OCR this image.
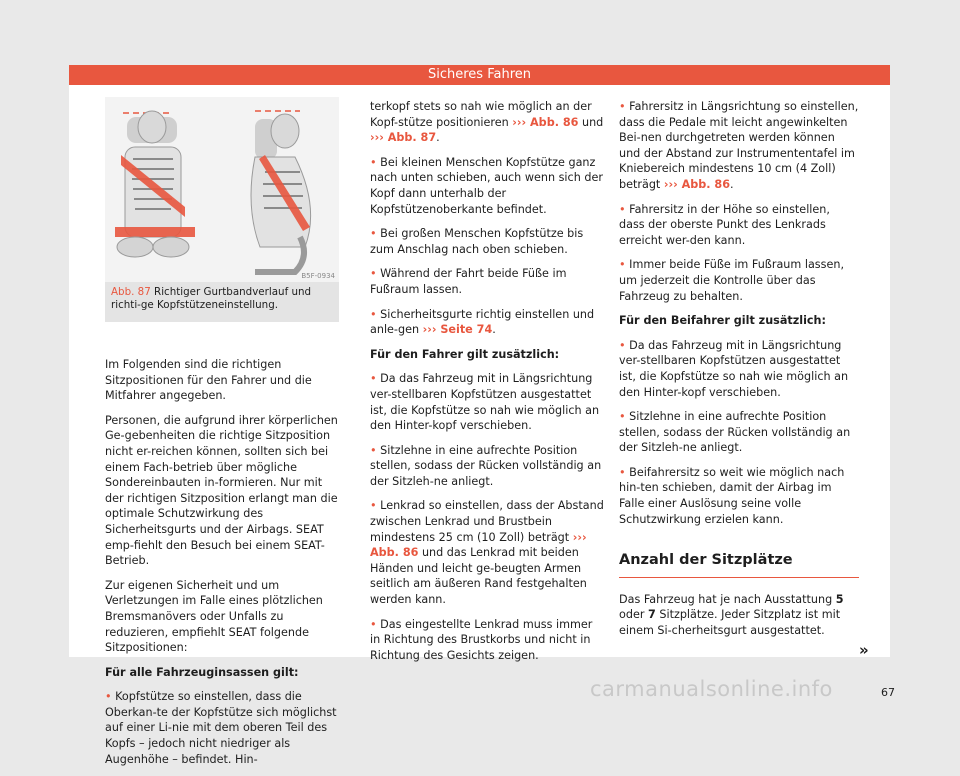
Sicheres Fahren
B5F-0934
Abb. 87 Richtiger Gurtbandverlauf und richti-ge Kopfstützeneinstellung.

Im Folgenden sind die richtigen Sitzpositionen für den Fahrer und die Mitfahrer angegeben.

Personen, die aufgrund ihrer körperlichen Ge-gebenheiten die richtige Sitzposition nicht er-reichen können, sollten sich bei einem Fach-betrieb über mögliche Sondereinbauten in-formieren. Nur mit der richtigen Sitzposition erlangt man die optimale Schutzwirkung des Sicherheitsgurts und der Airbags. SEAT emp-fiehlt den Besuch bei einem SEAT-Betrieb.

Zur eigenen Sicherheit und um Verletzungen im Falle eines plötzlichen Bremsmanövers oder Unfalls zu reduzieren, empfiehlt SEAT folgende Sitzpositionen:

Für alle Fahrzeuginsassen gilt:

• Kopfstütze so einstellen, dass die Oberkan-te der Kopfstütze sich möglichst auf einer Li-nie mit dem oberen Teil des Kopfs – jedoch nicht niedriger als Augenhöhe – befindet. Hin-

terkopf stets so nah wie möglich an der Kopf-stütze positionieren ››› Abb. 86 und ››› Abb. 87.

• Bei kleinen Menschen Kopfstütze ganz nach unten schieben, auch wenn sich der Kopf dann unterhalb der Kopfstützenoberkante befindet.

• Bei großen Menschen Kopfstütze bis zum Anschlag nach oben schieben.

• Während der Fahrt beide Füße im Fußraum lassen.

• Sicherheitsgurte richtig einstellen und anle-gen ››› Seite 74.

Für den Fahrer gilt zusätzlich:

• Da das Fahrzeug mit in Längsrichtung ver-stellbaren Kopfstützen ausgestattet ist, die Kopfstütze so nah wie möglich an den Hinter-kopf verschieben.

• Sitzlehne in eine aufrechte Position stellen, sodass der Rücken vollständig an der Sitzleh-ne anliegt.

• Lenkrad so einstellen, dass der Abstand zwischen Lenkrad und Brustbein mindestens 25 cm (10 Zoll) beträgt ››› Abb. 86 und das Lenkrad mit beiden Händen und leicht ge-beugten Armen seitlich am äußeren Rand festgehalten werden kann.

• Das eingestellte Lenkrad muss immer in Richtung des Brustkorbs und nicht in Richtung des Gesichts zeigen.

• Fahrersitz in Längsrichtung so einstellen, dass die Pedale mit leicht angewinkelten Bei-nen durchgetreten werden können und der Abstand zur Instrumententafel im Kniebereich mindestens 10 cm (4 Zoll) beträgt ››› Abb. 86.

• Fahrersitz in der Höhe so einstellen, dass der oberste Punkt des Lenkrads erreicht wer-den kann.

• Immer beide Füße im Fußraum lassen, um jederzeit die Kontrolle über das Fahrzeug zu behalten.

Für den Beifahrer gilt zusätzlich:

• Da das Fahrzeug mit in Längsrichtung ver-stellbaren Kopfstützen ausgestattet ist, die Kopfstütze so nah wie möglich an den Hinter-kopf verschieben.

• Sitzlehne in eine aufrechte Position stellen, sodass der Rücken vollständig an der Sitzleh-ne anliegt.

• Beifahrersitz so weit wie möglich nach hin-ten schieben, damit der Airbag im Falle einer Auslösung seine volle Schutzwirkung erzielen kann.

Anzahl der Sitzplätze

Das Fahrzeug hat je nach Ausstattung 5 oder 7 Sitzplätze. Jeder Sitzplatz ist mit einem Si-cherheitsgurt ausgestattet.

»
67
carmanualsonline.info
